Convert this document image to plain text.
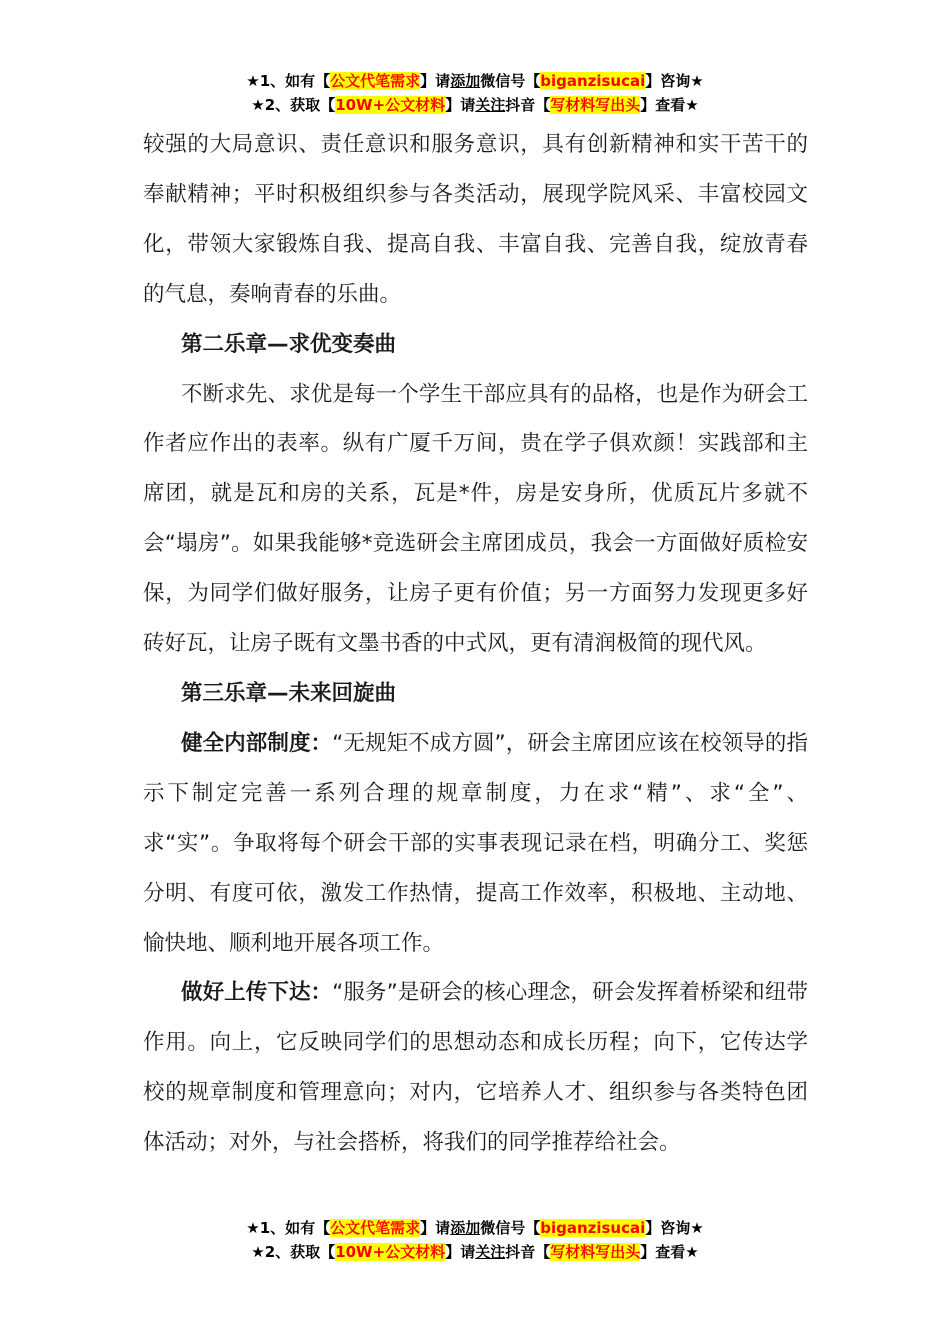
★1、如有【公文代笔需求】请添加微信号【biganzisucai】咨询★
★2、获取【10W+公文材料】请关注抖音【写材料写出头】查看★

较强的大局意识、责任意识和服务意识，具有创新精神和实干苦干的奉献精神；平时积极组织参与各类活动，展现学院风采、丰富校园文化，带领大家锻炼自我、提高自我、丰富自我、完善自我，绽放青春的气息，奏响青春的乐曲。

第二乐章—求优变奏曲

不断求先、求优是每一个学生干部应具有的品格，也是作为研会工作者应作出的表率。纵有广厦千万间，贵在学子俱欢颜！实践部和主席团，就是瓦和房的关系，瓦是*件，房是安身所，优质瓦片多就不会“塌房”。如果我能够*竞选研会主席团成员，我会一方面做好质检安保，为同学们做好服务，让房子更有价值；另一方面努力发现更多好砖好瓦，让房子既有文墨书香的中式风，更有清润极简的现代风。

第三乐章—未来回旋曲

健全内部制度：“无规矩不成方圆”，研会主席团应该在校领导的指示下制定完善一系列合理的规章制度，力在求“精”、求“全”、求“实”。争取将每个研会干部的实事表现记录在档，明确分工、奖惩分明、有度可依，激发工作热情，提高工作效率，积极地、主动地、愉快地、顺利地开展各项工作。

做好上传下达：“服务”是研会的核心理念，研会发挥着桥梁和纽带作用。向上，它反映同学们的思想动态和成长历程；向下，它传达学校的规章制度和管理意向；对内，它培养人才、组织参与各类特色团体活动；对外，与社会搭桥，将我们的同学推荐给社会。

★1、如有【公文代笔需求】请添加微信号【biganzisucai】咨询★
★2、获取【10W+公文材料】请关注抖音【写材料写出头】查看★
